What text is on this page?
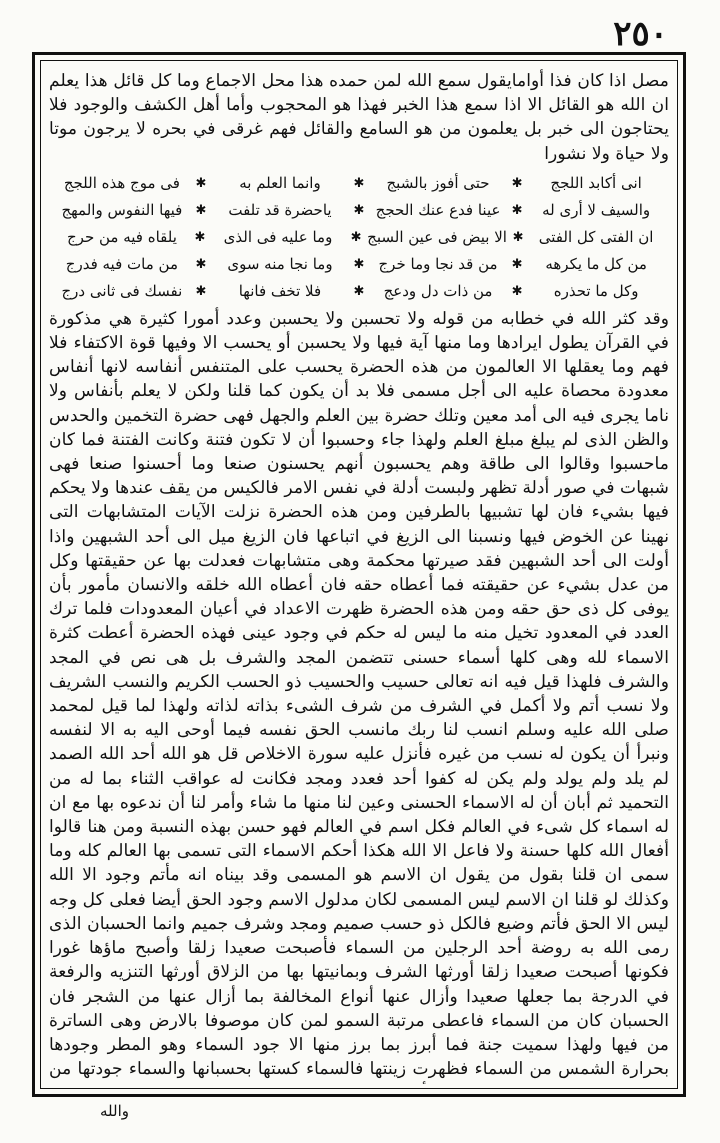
٢٥٠

مصل اذا كان فذا أوامايقول سمع الله لمن حمده هذا محل الاجماع وما كل قائل هذا يعلم ان الله هو القائل الا اذا سمع هذا الخبر فهذا هو المحجوب وأما أهل الكشف والوجود فلا يحتاجون الى خبر بل يعلمون من هو السامع والقائل فهم غرقى في بحره لا يرجون موتا ولا حياة ولا نشورا

انى أكابد اللجج
✱
حتى أفوز بالشبج
✱
وانما العلم به
✱
فى موج هذه اللجج
والسيف لا أرى له
✱
عينا فدع عنك الحجج
✱
ياحضرة قد تلفت
✱
فيها النفوس والمهج
ان الفتى كل الفتى
✱
الا بيض فى عين السبج
✱
وما عليه فى الذى
✱
يلقاه فيه من حرج
من كل ما يكرهه
✱
من قد نجا وما خرج
✱
وما نجا منه سوى
✱
من مات فيه فدرج
وكل ما تحذره
✱
من ذات دل ودعج
✱
فلا تخف فانها
✱
نفسك فى ثانى درج

وقد كثر الله في خطابه من قوله ولا تحسبن ولا يحسبن وعدد أمورا كثيرة هي مذكورة في القرآن يطول ايرادها وما منها آية فيها ولا يحسبن أو يحسب الا وفيها قوة الاكتفاء فلا فهم وما يعقلها الا العالمون من هذه الحضرة يحسب على المتنفس أنفاسه لانها أنفاس معدودة محصاة عليه الى أجل مسمى فلا بد أن يكون كما قلنا ولكن لا يعلم بأنفاس ولا ناما يجرى فيه الى أمد معين وتلك حضرة بين العلم والجهل فهى حضرة التخمين والحدس والظن الذى لم يبلغ مبلغ العلم ولهذا جاء وحسبوا أن لا تكون فتنة وكانت الفتنة فما كان ماحسبوا وقالوا الى طاقة وهم يحسبون أنهم يحسنون صنعا وما أحسنوا صنعا فهى شبهات في صور أدلة تظهر ولبست أدلة في نفس الامر فالكيس من يقف عندها ولا يحكم فيها بشيء فان لها تشبيها بالطرفين ومن هذه الحضرة نزلت الآيات المتشابهات التى نهينا عن الخوض فيها ونسبنا الى الزيغ في اتباعها فان الزيغ ميل الى أحد الشبهين واذا أولت الى أحد الشبهين فقد صيرتها محكمة وهى متشابهات فعدلت بها عن حقيقتها وكل من عدل بشيء عن حقيقته فما أعطاه حقه فان أعطاه الله خلقه والانسان مأمور بأن يوفى كل ذى حق حقه ومن هذه الحضرة ظهرت الاعداد في أعيان المعدودات فلما ترك العدد في المعدود تخيل منه ما ليس له حكم في وجود عينى فهذه الحضرة أعطت كثرة الاسماء لله وهى كلها أسماء حسنى تتضمن المجد والشرف بل هى نص في المجد والشرف فلهذا قيل فيه انه تعالى حسيب والحسيب ذو الحسب الكريم والنسب الشريف ولا نسب أتم ولا أكمل في الشرف من شرف الشىء بذاته لذاته ولهذا لما قيل لمحمد صلى الله عليه وسلم انسب لنا ربك مانسب الحق نفسه فيما أوحى اليه به الا لنفسه ونبرأ أن يكون له نسب من غيره فأنزل عليه سورة الاخلاص قل هو الله أحد الله الصمد لم يلد ولم يولد ولم يكن له كفوا أحد فعدد ومجد فكانت له عواقب الثناء بما له من التحميد ثم أبان أن له الاسماء الحسنى وعين لنا منها ما شاء وأمر لنا أن ندعوه بها مع ان له اسماء كل شىء في العالم فكل اسم في العالم فهو حسن بهذه النسبة ومن هنا قالوا أفعال الله كلها حسنة ولا فاعل الا الله هكذا أحكم الاسماء التى تسمى بها العالم كله وما سمى ان قلنا بقول من يقول ان الاسم هو المسمى وقد بيناه انه مأتم وجود الا الله وكذلك لو قلنا ان الاسم ليس المسمى لكان مدلول الاسم وجود الحق أيضا فعلى كل وجه ليس الا الحق فأتم وضيع فالكل ذو حسب صميم ومجد وشرف جميم وانما الحسبان الذى رمى الله به روضة أحد الرجلين من السماء فأصبحت صعيدا زلقا وأصبح ماؤها غورا فكونها أصبحت صعيدا زلقا أورثها الشرف وبمانيتها بها من الزلاق أورثها التنزيه والرفعة في الدرجة بما جعلها صعيدا وأزال عنها أنواع المخالفة بما أزال عنها من الشجر فان الحسبان كان من السماء فاعطى مرتبة السمو لمن كان موصوفا بالارض وهى الساترة من فيها ولهذا سميت جنة فما أبرز بما برز منها الا جود السماء وهو المطر وجودها بحرارة الشمس من السماء فظهرت زينتها فالسماء كستها بحسبانها والسماء جودتها من

والله
